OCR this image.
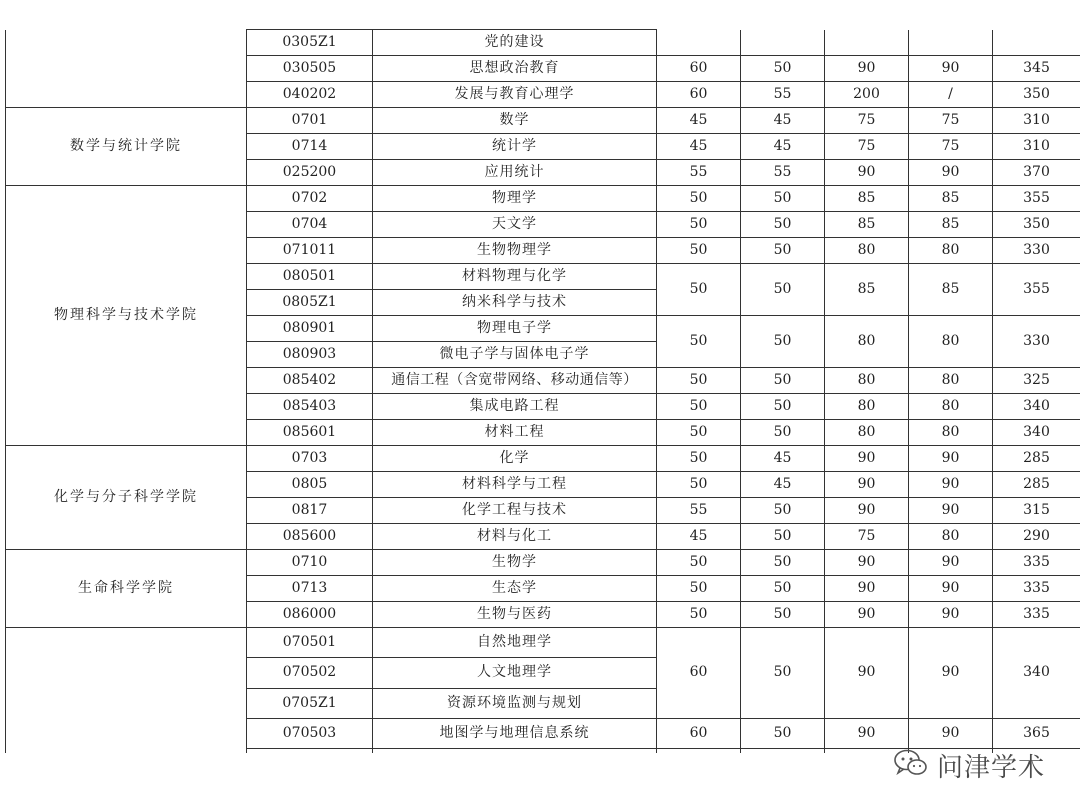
	0305Z1	党的建设					
	030505	思想政治教育	60	50	90	90	345
	040202	发展与教育心理学	60	55	200	/	350
数学与统计学院	0701	数学	45	45	75	75	310
	0714	统计学	45	45	75	75	310
	025200	应用统计	55	55	90	90	370
物理科学与技术学院	0702	物理学	50	50	85	85	355
	0704	天文学	50	50	85	85	350
	071011	生物物理学	50	50	80	80	330
	080501	材料物理与化学	50	50	85	85	355
	0805Z1	纳米科学与技术					
	080901	物理电子学	50	50	80	80	330
	080903	微电子学与固体电子学					
	085402	通信工程（含宽带网络、移动通信等）	50	50	80	80	325
	085403	集成电路工程	50	50	80	80	340
	085601	材料工程	50	50	80	80	340
化学与分子科学学院	0703	化学	50	45	90	90	285
	0805	材料科学与工程	50	45	90	90	285
	0817	化学工程与技术	55	50	90	90	315
	085600	材料与化工	45	50	75	80	290
生命科学学院	0710	生物学	50	50	90	90	335
	0713	生态学	50	50	90	90	335
	086000	生物与医药	50	50	90	90	335
	070501	自然地理学	60	50	90	90	340
	070502	人文地理学					
	0705Z1	资源环境监测与规划					
	070503	地图学与地理信息系统	60	50	90	90	365

问津学术
